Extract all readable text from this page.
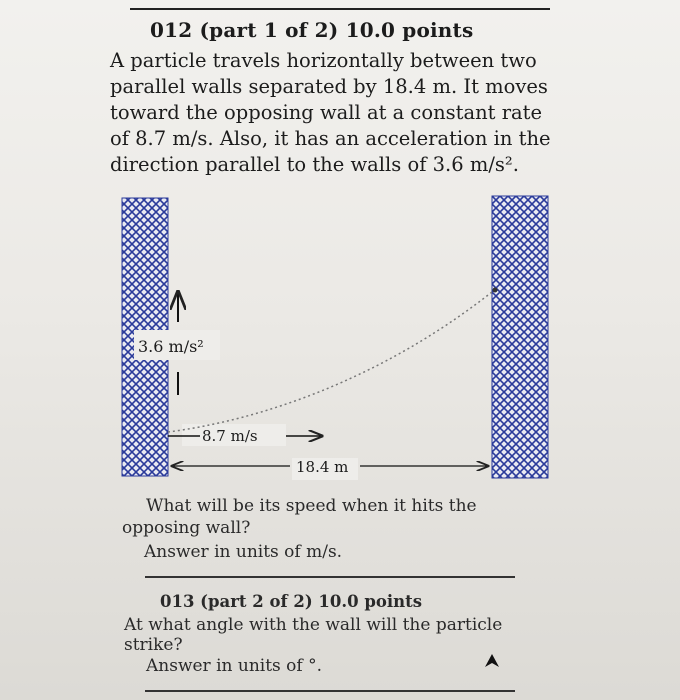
012 (part 1 of 2) 10.0 points
A particle travels horizontally between two
parallel walls separated by 18.4 m. It moves
toward the opposing wall at a constant rate
of 8.7 m/s. Also, it has an acceleration in the
direction parallel to the walls of 3.6 m/s².
3.6 m/s²
8.7 m/s
18.4 m
What will be its speed when it hits the
opposing wall?
Answer in units of m/s.
013 (part 2 of 2) 10.0 points
At what angle with the wall will the particle
strike?
Answer in units of °.
